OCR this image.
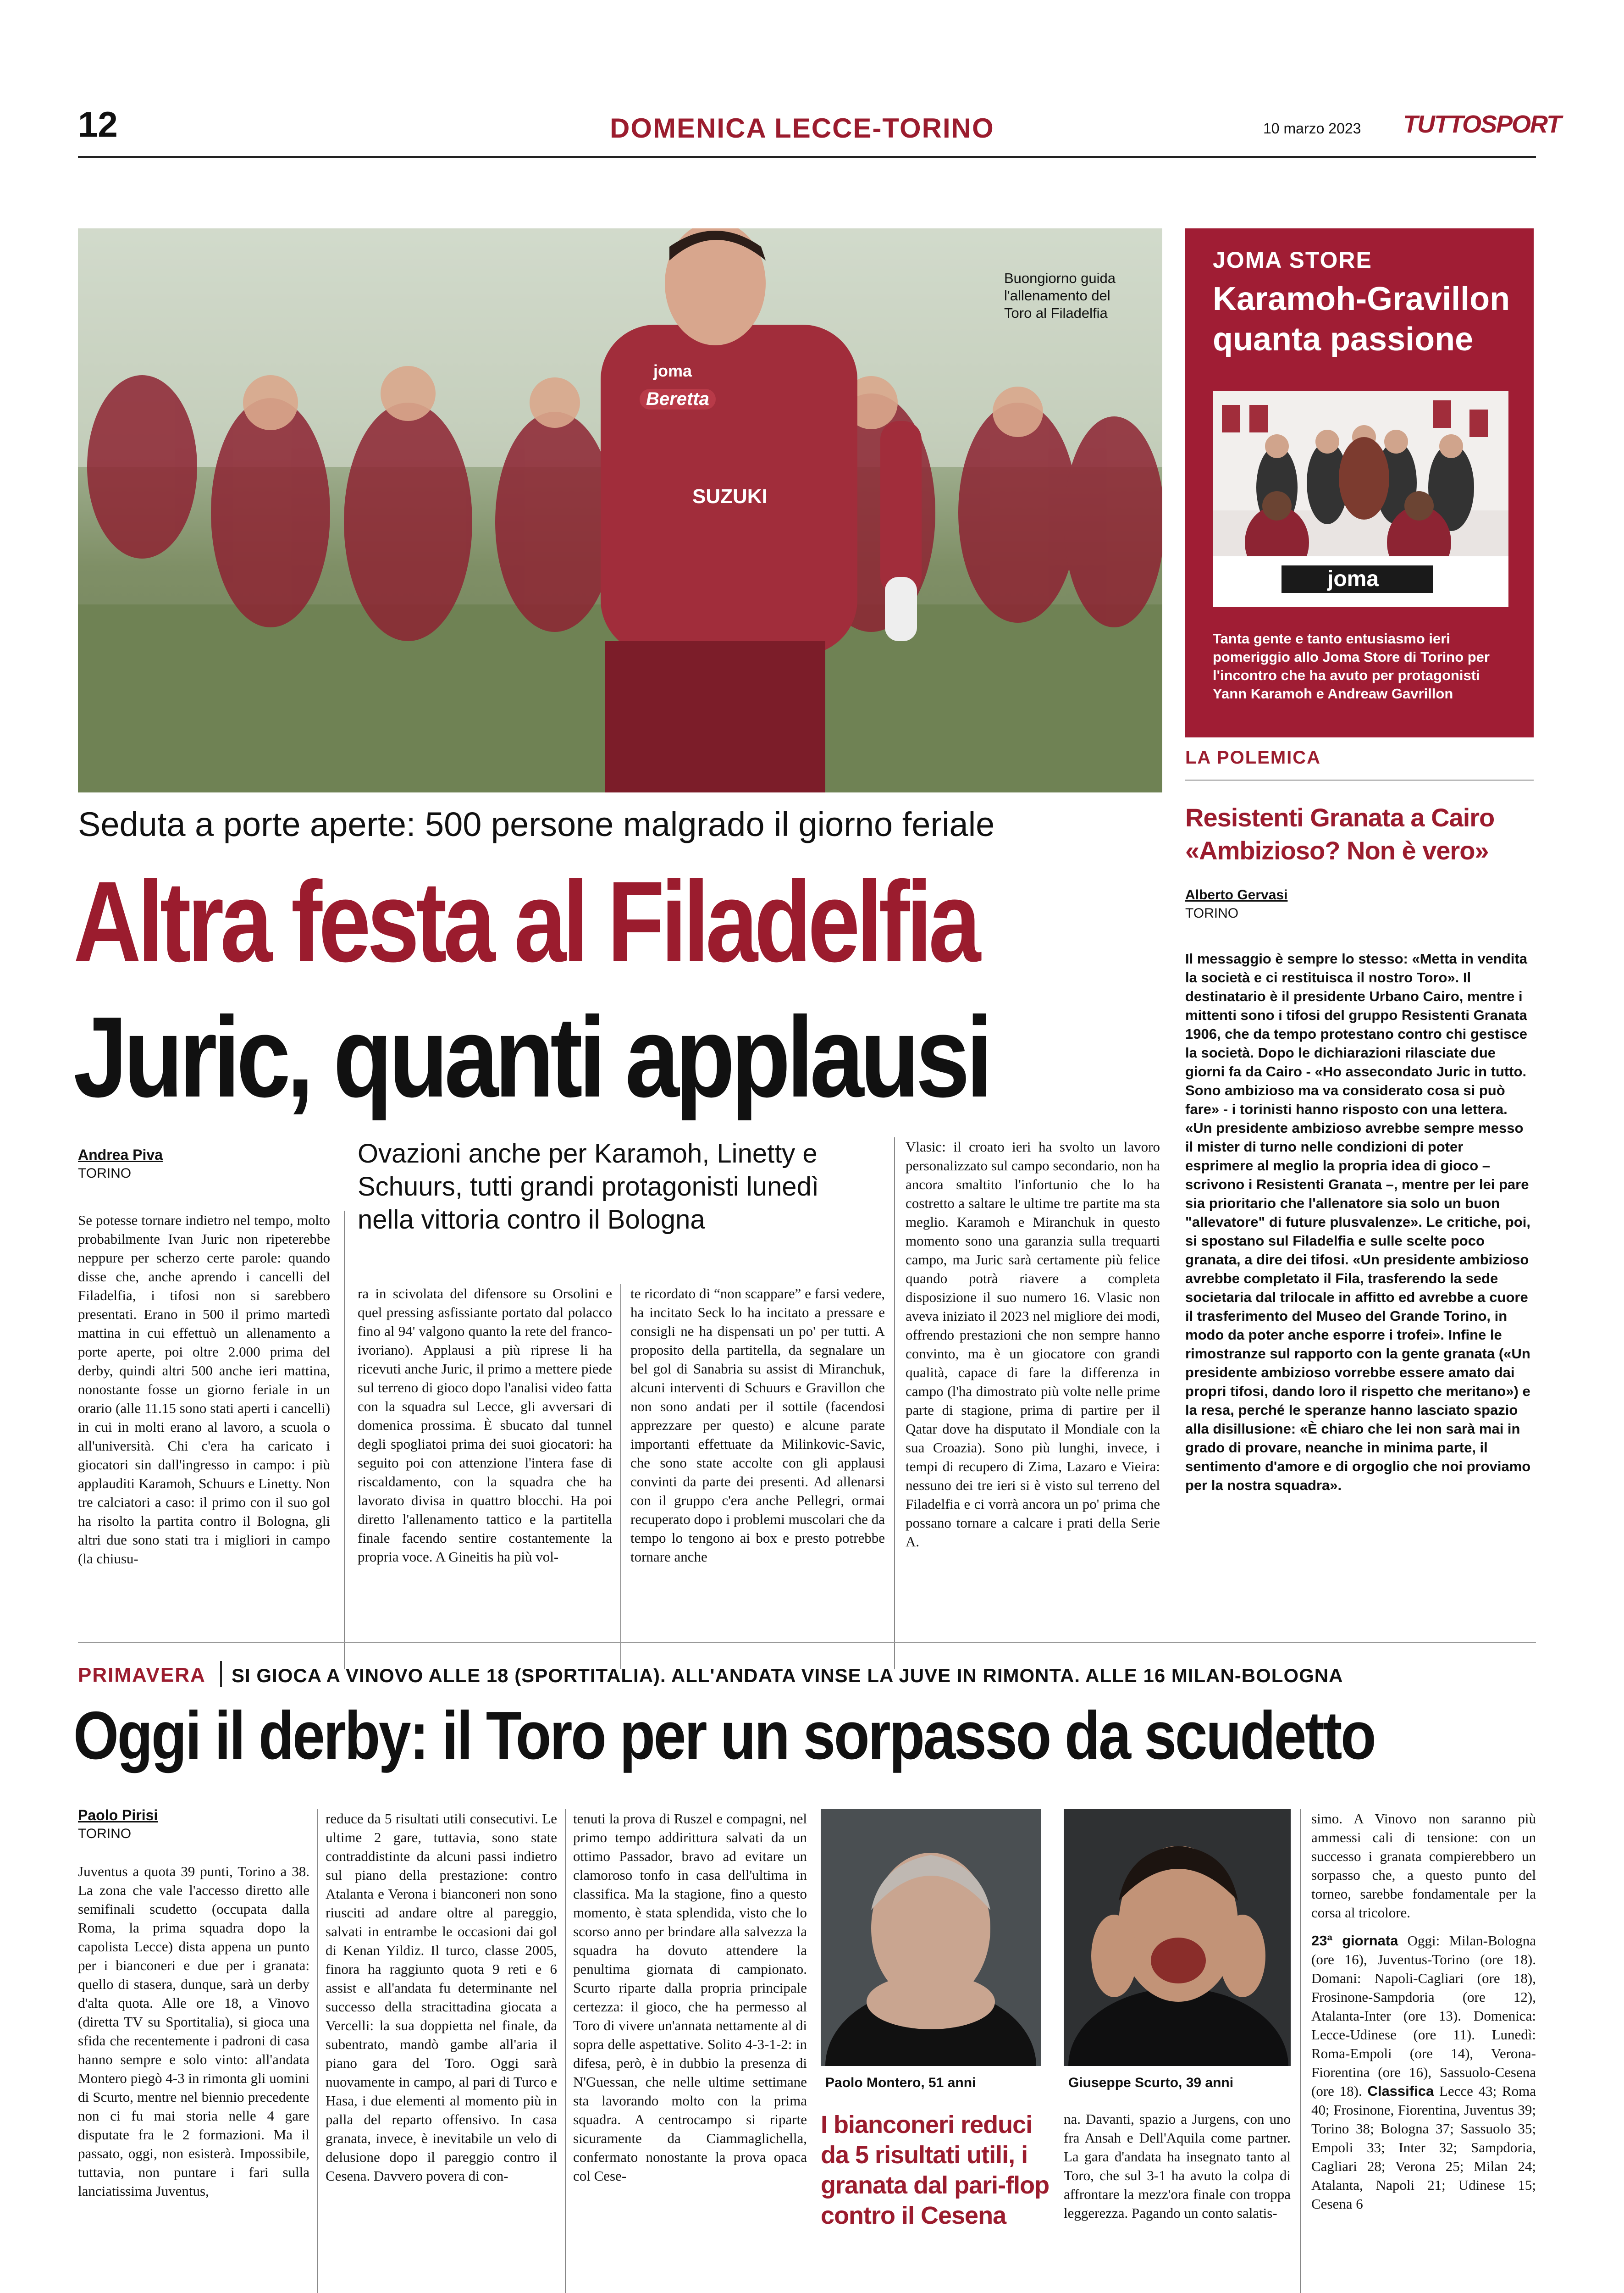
12	DOMENICA LECCE-TORINO	10 marzo 2023 TUTTOSPORT
joma
Beretta
SUZUKI
Buongiorno guida l'allenamento del Toro al Filadelfia
Seduta a porte aperte: 500 persone malgrado il giorno feriale
Altra festa al Filadelfia
Juric, quanti applausi
Andrea Piva
TORINO
Ovazioni anche per Karamoh, Linetty e Schuurs, tutti grandi protagonisti lunedì nella vittoria contro il Bologna
Se potesse tornare indietro nel tempo, molto probabilmente Ivan Juric non ripeterebbe neppure per scherzo certe parole: quando disse che, anche aprendo i cancelli del Filadelfia, i tifosi non si sarebbero presentati. Erano in 500 il primo martedì mattina in cui effettuò un allenamento a porte aperte, poi oltre 2.000 prima del derby, quindi altri 500 anche ieri mattina, nonostante fosse un giorno feriale in un orario (alle 11.15 sono stati aperti i cancelli) in cui in molti erano al lavoro, a scuola o all'università. Chi c'era ha caricato i giocatori sin dall'ingresso in campo: i più applauditi Karamoh, Schuurs e Linetty. Non tre calciatori a caso: il primo con il suo gol ha risolto la partita contro il Bologna, gli altri due sono stati tra i migliori in campo (la chiusu-
ra in scivolata del difensore su Orsolini e quel pressing asfissiante portato dal polacco fino al 94' valgono quanto la rete del franco-ivoriano). Applausi a più riprese li ha ricevuti anche Juric, il primo a mettere piede sul terreno di gioco dopo l'analisi video fatta con la squadra sul Lecce, gli avversari di domenica prossima. È sbucato dal tunnel degli spogliatoi prima dei suoi giocatori: ha seguito poi con attenzione l'intera fase di riscaldamento, con la squadra che ha lavorato divisa in quattro blocchi. Ha poi diretto l'allenamento tattico e la partitella finale facendo sentire costantemente la propria voce. A Gineitis ha più vol-
te ricordato di “non scappare” e farsi vedere, ha incitato Seck lo ha incitato a pressare e consigli ne ha dispensati un po' per tutti. A proposito della partitella, da segnalare un bel gol di Sanabria su assist di Miranchuk, alcuni interventi di Schuurs e Gravillon che non sono andati per il sottile (facendosi apprezzare per questo) e alcune parate importanti effettuate da Milinkovic-Savic, che sono state accolte con gli applausi convinti da parte dei presenti. Ad allenarsi con il gruppo c'era anche Pellegri, ormai recuperato dopo i problemi muscolari che da tempo lo tengono ai box e presto potrebbe tornare anche
Vlasic: il croato ieri ha svolto un lavoro personalizzato sul campo secondario, non ha ancora smaltito l'infortunio che lo ha costretto a saltare le ultime tre partite ma sta meglio. Karamoh e Miranchuk in questo momento sono una garanzia sulla trequarti campo, ma Juric sarà certamente più felice quando potrà riavere a completa disposizione il suo numero 16. Vlasic non aveva iniziato il 2023 nel migliore dei modi, offrendo prestazioni che non sempre hanno convinto, ma è un giocatore con grandi qualità, capace di fare la differenza in campo (l'ha dimostrato più volte nelle prime parte di stagione, prima di partire per il Qatar dove ha disputato il Mondiale con la sua Croazia). Sono più lunghi, invece, i tempi di recupero di Zima, Lazaro e Vieira: nessuno dei tre ieri si è visto sul terreno del Filadelfia e ci vorrà ancora un po' prima che possano tornare a calcare i prati della Serie A.
JOMA STORE
Karamoh-Gravillon quanta passione
joma
Tanta gente e tanto entusiasmo ieri pomeriggio allo Joma Store di Torino per l'incontro che ha avuto per protagonisti Yann Karamoh e Andreaw Gavrillon
LA POLEMICA
Resistenti Granata a Cairo
«Ambizioso? Non è vero»
Alberto Gervasi
TORINO
Il messaggio è sempre lo stesso: «Metta in vendita la società e ci restituisca il nostro Toro». Il destinatario è il presidente Urbano Cairo, mentre i mittenti sono i tifosi del gruppo Resistenti Granata 1906, che da tempo protestano contro chi gestisce la società. Dopo le dichiarazioni rilasciate due giorni fa da Cairo - «Ho assecondato Juric in tutto. Sono ambizioso ma va considerato cosa si può fare» - i torinisti hanno risposto con una lettera. «Un presidente ambizioso avrebbe sempre messo il mister di turno nelle condizioni di poter esprimere al meglio la propria idea di gioco – scrivono i Resistenti Granata –, mentre per lei pare sia prioritario che l'allenatore sia solo un buon "allevatore" di future plusvalenze». Le critiche, poi, si spostano sul Filadelfia e sulle scelte poco granata, a dire dei tifosi. «Un presidente ambizioso avrebbe completato il Fila, trasferendo la sede societaria dal trilocale in affitto ed avrebbe a cuore il trasferimento del Museo del Grande Torino, in modo da poter anche esporre i trofei». Infine le rimostranze sul rapporto con la gente granata («Un presidente ambizioso vorrebbe essere amato dai propri tifosi, dando loro il rispetto che meritano») e la resa, perché le speranze hanno lasciato spazio alla disillusione: «È chiaro che lei non sarà mai in grado di provare, neanche in minima parte, il sentimento d'amore e di orgoglio che noi proviamo per la nostra squadra».
PRIMAVERA SI GIOCA A VINOVO ALLE 18 (SPORTITALIA). ALL'ANDATA VINSE LA JUVE IN RIMONTA. ALLE 16 MILAN-BOLOGNA
Oggi il derby: il Toro per un sorpasso da scudetto
Paolo Pirisi
TORINO
Juventus a quota 39 punti, Torino a 38. La zona che vale l'accesso diretto alle semifinali scudetto (occupata dalla Roma, la prima squadra dopo la capolista Lecce) dista appena un punto per i bianconeri e due per i granata: quello di stasera, dunque, sarà un derby d'alta quota. Alle ore 18, a Vinovo (diretta TV su Sportitalia), si gioca una sfida che recentemente i padroni di casa hanno sempre e solo vinto: all'andata Montero piegò 4-3 in rimonta gli uomini di Scurto, mentre nel biennio precedente non ci fu mai storia nelle 4 gare disputate fra le 2 formazioni. Ma il passato, oggi, non esisterà. Impossibile, tuttavia, non puntare i fari sulla lanciatissima Juventus,
reduce da 5 risultati utili consecutivi. Le ultime 2 gare, tuttavia, sono state contraddistinte da alcuni passi indietro sul piano della prestazione: contro Atalanta e Verona i bianconeri non sono riusciti ad andare oltre al pareggio, salvati in entrambe le occasioni dai gol di Kenan Yildiz. Il turco, classe 2005, finora ha raggiunto quota 9 reti e 6 assist e all'andata fu determinante nel successo della stracittadina giocata a Vercelli: la sua doppietta nel finale, da subentrato, mandò gambe all'aria il piano gara del Toro. Oggi sarà nuovamente in campo, al pari di Turco e Hasa, i due elementi al momento più in palla del reparto offensivo. In casa granata, invece, è inevitabile un velo di delusione dopo il pareggio contro il Cesena. Davvero povera di con-
tenuti la prova di Ruszel e compagni, nel primo tempo addirittura salvati da un ottimo Passador, bravo ad evitare un clamoroso tonfo in casa dell'ultima in classifica. Ma la stagione, fino a questo momento, è stata splendida, visto che lo scorso anno per brindare alla salvezza la squadra ha dovuto attendere la penultima giornata di campionato. Scurto riparte dalla propria principale certezza: il gioco, che ha permesso al Toro di vivere un'annata nettamente al di sopra delle aspettative. Solito 4-3-1-2: in difesa, però, è in dubbio la presenza di N'Guessan, che nelle ultime settimane sta lavorando molto con la prima squadra. A centrocampo si riparte sicuramente da Ciammaglichella, confermato nonostante la prova opaca col Cese-
Paolo Montero, 51 anni	Giuseppe Scurto, 39 anni
I bianconeri reduci da 5 risultati utili, i granata dal pari-flop contro il Cesena
na. Davanti, spazio a Jurgens, con uno fra Ansah e Dell'Aquila come partner. La gara d'andata ha insegnato tanto al Toro, che sul 3-1 ha avuto la colpa di affrontare la mezz'ora finale con troppa leggerezza. Pagando un conto salatis-
simo. A Vinovo non saranno più ammessi cali di tensione: con un successo i granata compierebbero un sorpasso che, a questo punto del torneo, sarebbe fondamentale per la corsa al tricolore.
23ª giornata Oggi: Milan-Bologna (ore 16), Juventus-Torino (ore 18). Domani: Napoli-Cagliari (ore 18), Frosinone-Sampdoria (ore 12), Atalanta-Inter (ore 13). Domenica: Lecce-Udinese (ore 11). Lunedì: Roma-Empoli (ore 14), Verona-Fiorentina (ore 16), Sassuolo-Cesena (ore 18). Classifica Lecce 43; Roma 40; Frosinone, Fiorentina, Juventus 39; Torino 38; Bologna 37; Sassuolo 35; Empoli 33; Inter 32; Sampdoria, Cagliari 28; Verona 25; Milan 24; Atalanta, Napoli 21; Udinese 15; Cesena 6
